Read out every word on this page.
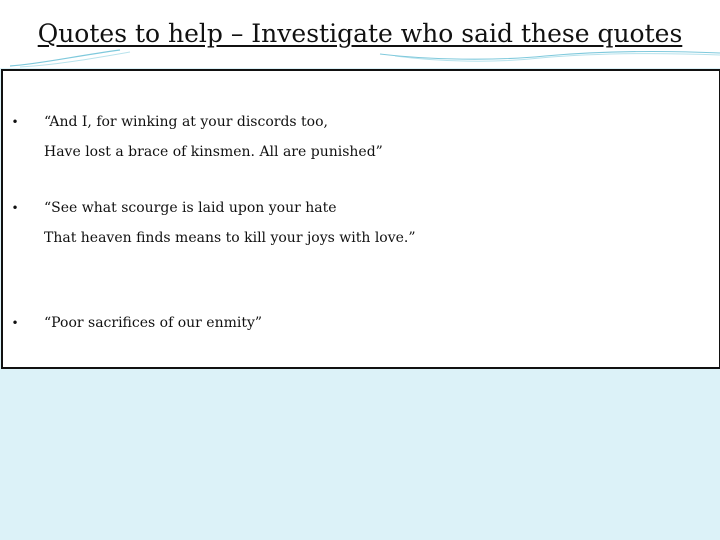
Quotes to help – Investigate who said these quotes
• “And I, for winking at your discords too,
Have lost a brace of kinsmen. All are punished”
• “See what scourge is laid upon your hate
That heaven finds means to kill your joys with love.”
• “Poor sacrifices of our enmity”
